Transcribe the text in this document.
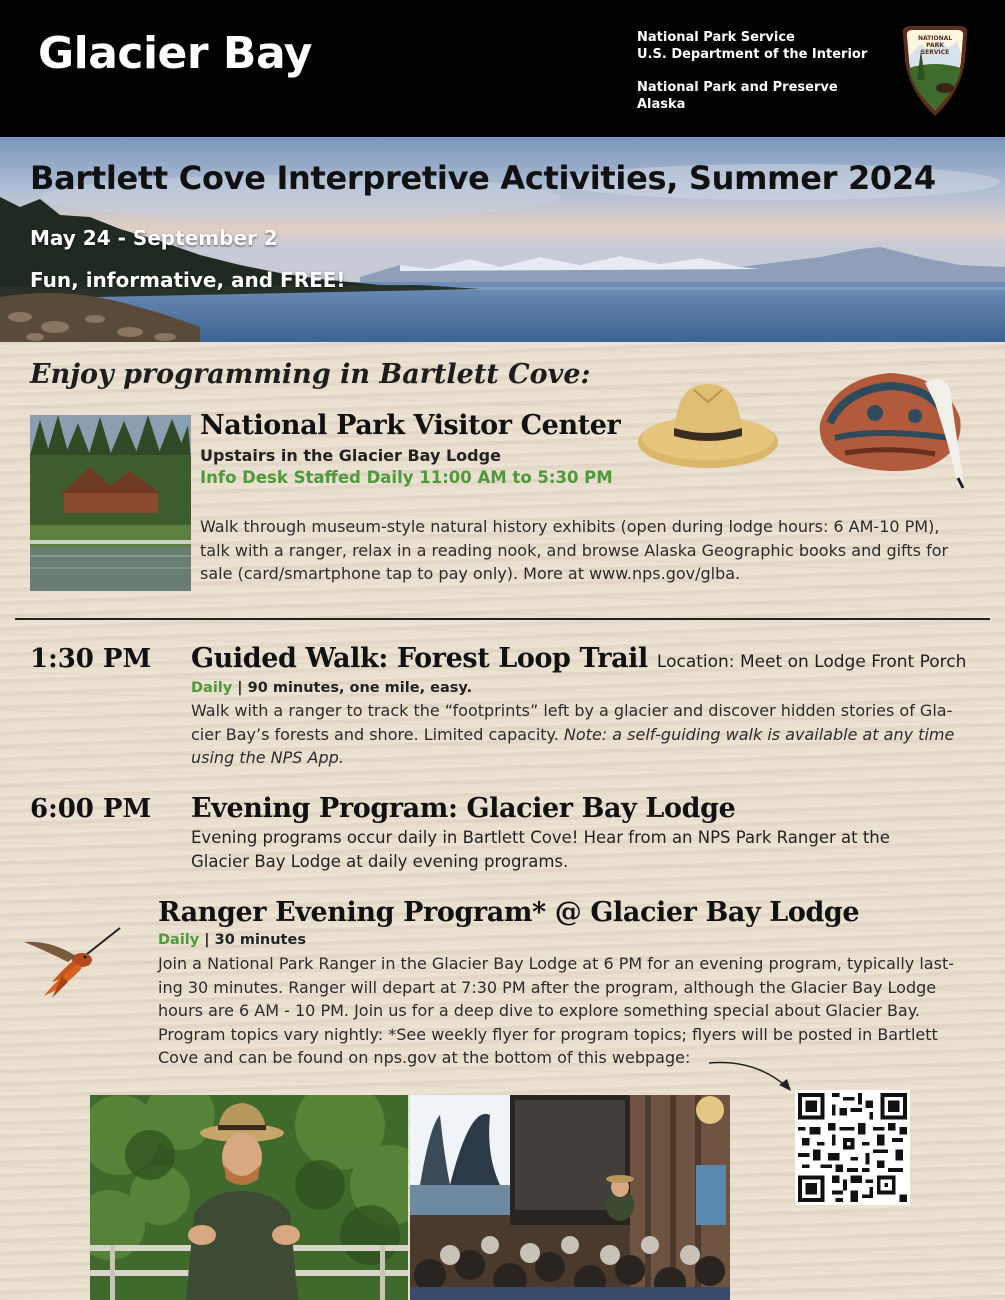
Glacier Bay	National Park Service
U.S. Department of the Interior
National Park and Preserve
Alaska
NATIONAL
PARK
SERVICE
Bartlett Cove Interpretive Activities, Summer 2024
May 24 - September 2
Fun, informative, and FREE!
Enjoy programming in Bartlett Cove:
National Park Visitor Center
Upstairs in the Glacier Bay Lodge
Info Desk Staffed Daily 11:00 AM to 5:30 PM
Walk through museum-style natural history exhibits (open during lodge hours: 6 AM-10 PM),
talk with a ranger, relax in a reading nook, and browse Alaska Geographic books and gifts for
sale (card/smartphone tap to pay only). More at www.nps.gov/glba.
1:30 PM Guided Walk: Forest Loop Trail Location: Meet on Lodge Front Porch
Daily | 90 minutes, one mile, easy.
Walk with a ranger to track the “footprints” left by a glacier and discover hidden stories of Gla-
cier Bay’s forests and shore. Limited capacity. Note: a self-guiding walk is available at any time
using the NPS App.
6:00 PM Evening Program: Glacier Bay Lodge
Evening programs occur daily in Bartlett Cove! Hear from an NPS Park Ranger at the
Glacier Bay Lodge at daily evening programs.
Ranger Evening Program* @ Glacier Bay Lodge
Daily | 30 minutes
Join a National Park Ranger in the Glacier Bay Lodge at 6 PM for an evening program, typically last-
ing 30 minutes. Ranger will depart at 7:30 PM after the program, although the Glacier Bay Lodge
hours are 6 AM - 10 PM. Join us for a deep dive to explore something special about Glacier Bay.
Program topics vary nightly: *See weekly flyer for program topics; flyers will be posted in Bartlett
Cove and can be found on nps.gov at the bottom of this webpage:
